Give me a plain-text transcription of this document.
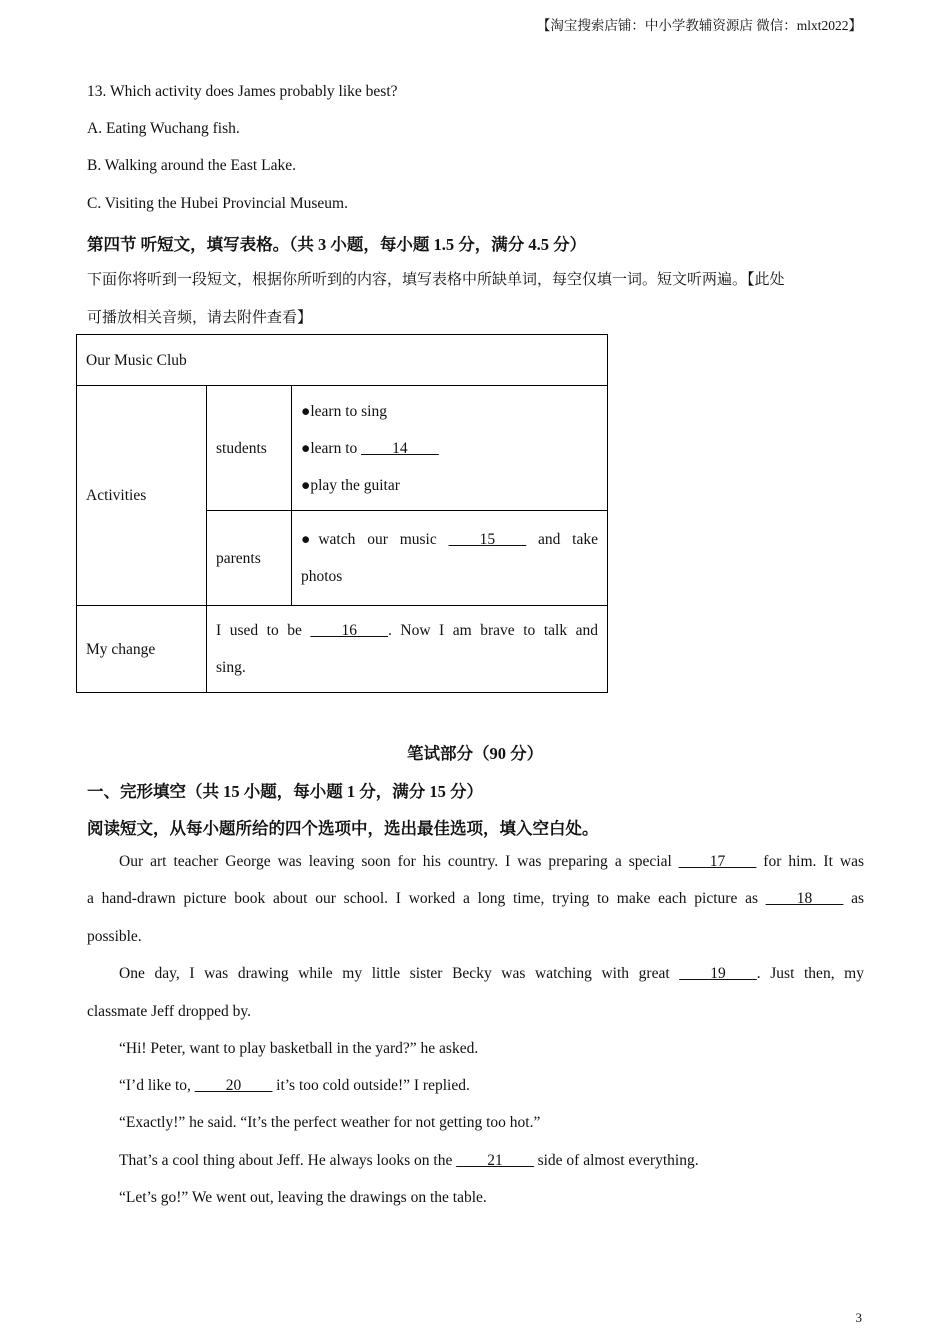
【淘宝搜索店铺：中小学教辅资源店 微信：mlxt2022】
13. Which activity does James probably like best?
A. Eating Wuchang fish.
B. Walking around the East Lake.
C. Visiting the Hubei Provincial Museum.
第四节 听短文，填写表格。（共 3 小题，每小题 1.5 分，满分 4.5 分）
下面你将听到一段短文，根据你所听到的内容，填写表格中所缺单词，每空仅填一词。短文听两遍。【此处
可播放相关音频，请去附件查看】
Our Music Club		
Activities	students	●learn to sing
●learn to ____14____
●play the guitar

	parents	●watch our music ____15____ and take
photos

My change	I used to be ____16____. Now I am brave to talk and
sing.	
笔试部分（90 分）
一、完形填空（共 15 小题，每小题 1 分，满分 15 分）
阅读短文，从每小题所给的四个选项中，选出最佳选项，填入空白处。
Our art teacher George was leaving soon for his country. I was preparing a special ____17____ for him. It was
a hand-drawn picture book about our school. I worked a long time, trying to make each picture as ____18____ as
possible.
One day, I was drawing while my little sister Becky was watching with great ____19____. Just then, my
classmate Jeff dropped by.
“Hi! Peter, want to play basketball in the yard?” he asked.
“I’d like to, ____20____ it’s too cold outside!” I replied.
“Exactly!” he said. “It’s the perfect weather for not getting too hot.”
That’s a cool thing about Jeff. He always looks on the ____21____ side of almost everything.
“Let’s go!” We went out, leaving the drawings on the table.
3
